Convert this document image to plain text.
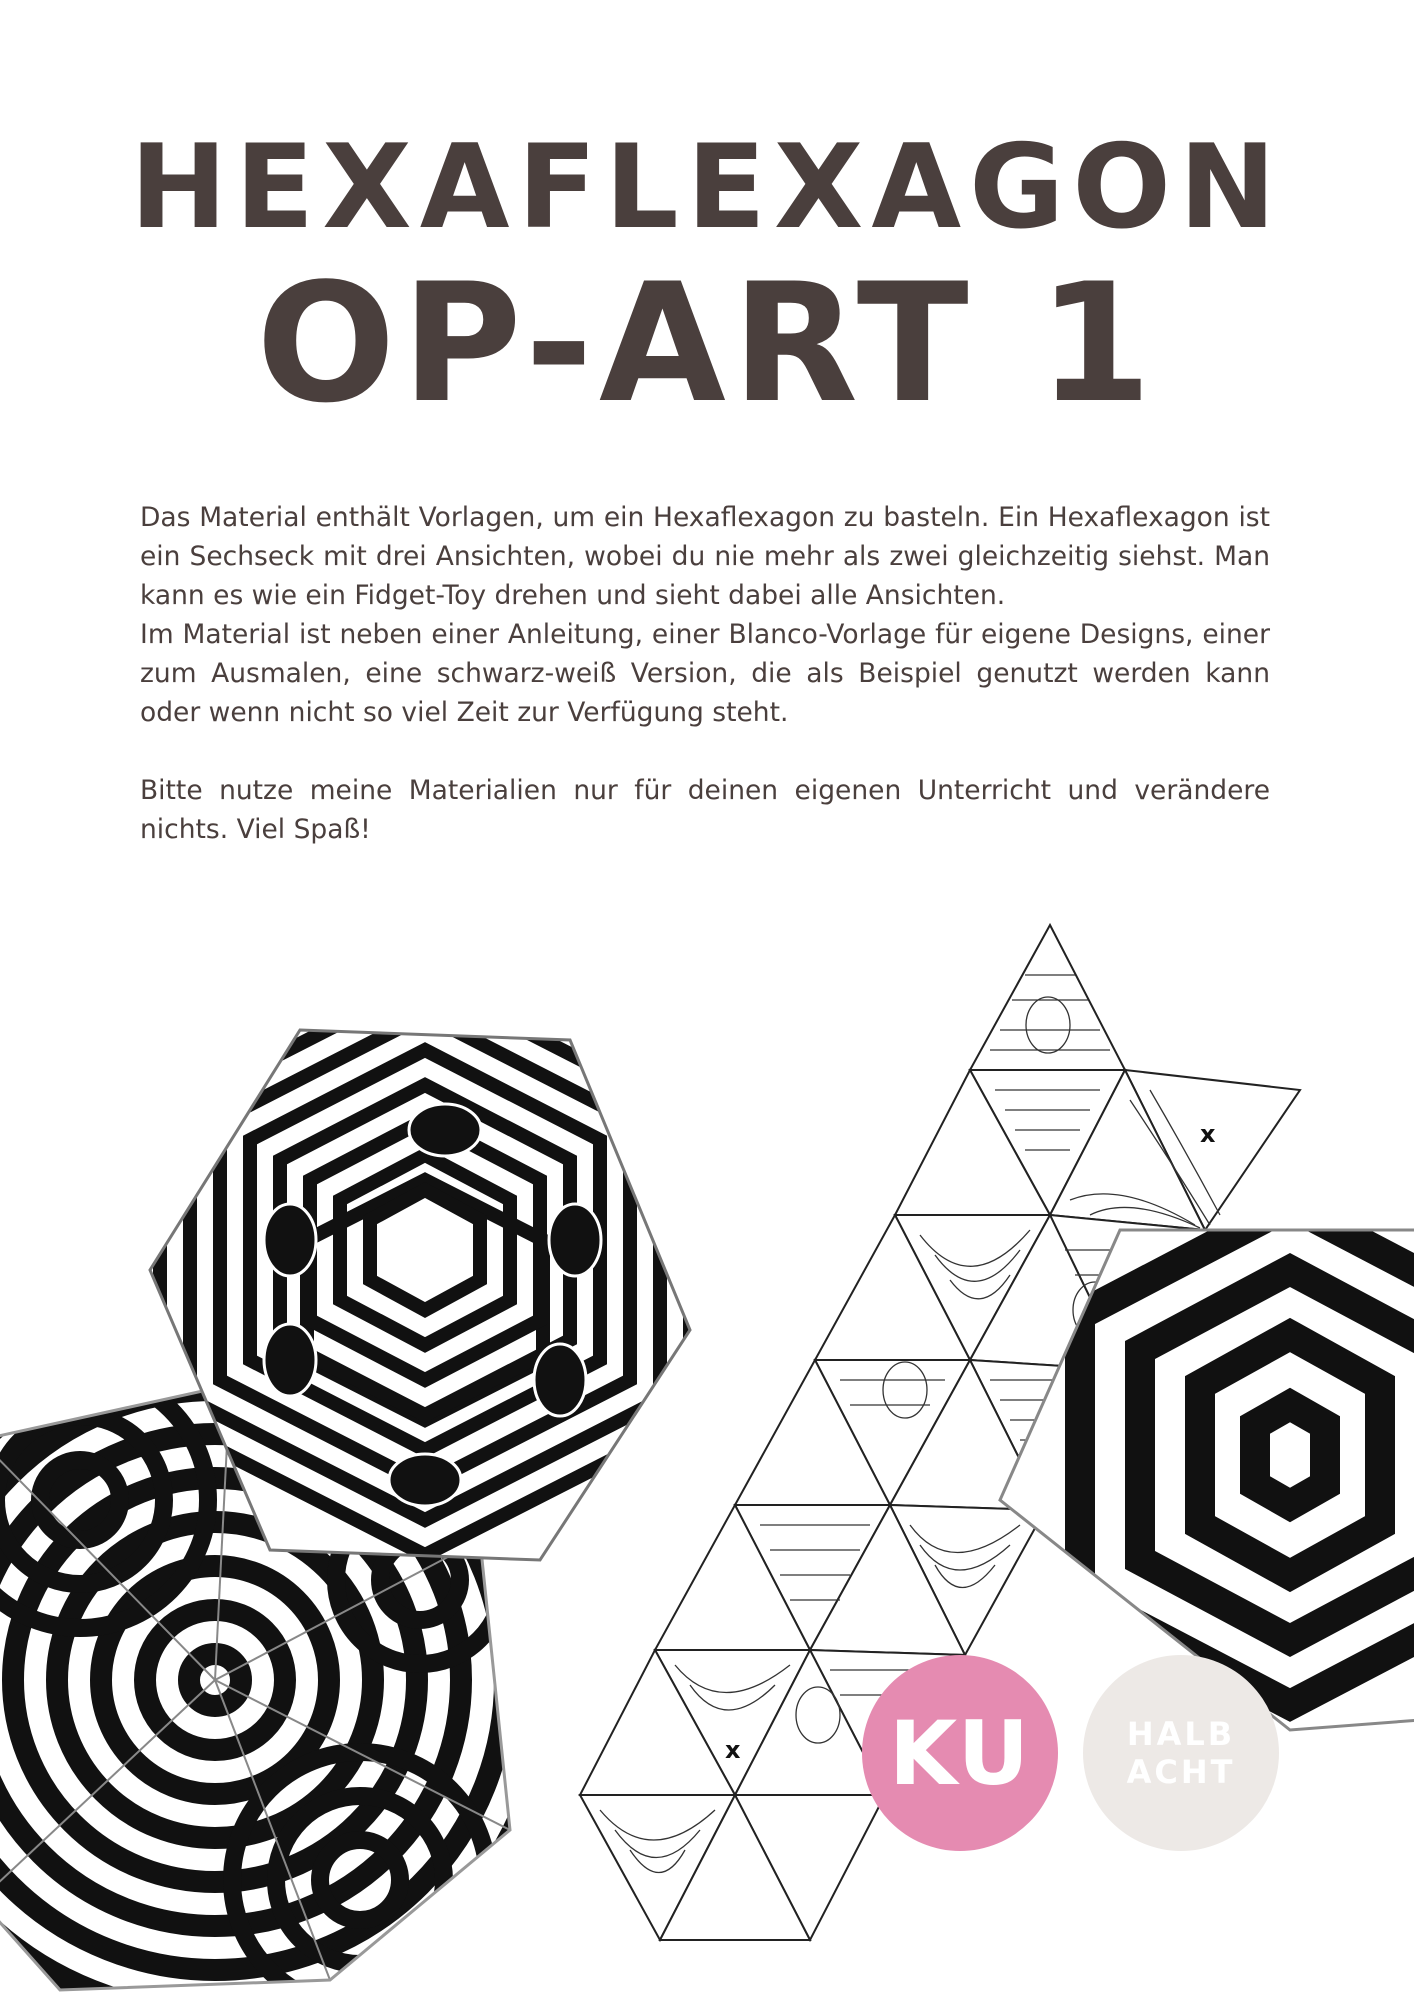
HEXAFLEXAGON
OP-ART 1

Das Material enthält Vorlagen, um ein Hexaflexagon zu basteln. Ein Hexaflexagon ist ein Sechseck mit drei Ansichten, wobei du nie mehr als zwei gleichzeitig siehst. Man kann es wie ein Fidget-Toy drehen und sieht dabei alle Ansichten.

Im Material ist neben einer Anleitung, einer Blanco-Vorlage für eigene Designs, einer zum Ausmalen, eine schwarz-weiß Version, die als Beispiel genutzt werden kann oder wenn nicht so viel Zeit zur Verfügung steht.

Bitte nutze meine Materialien nur für deinen eigenen Unterricht und verändere nichts. Viel Spaß!

x
x KU	HALB
ACHT
